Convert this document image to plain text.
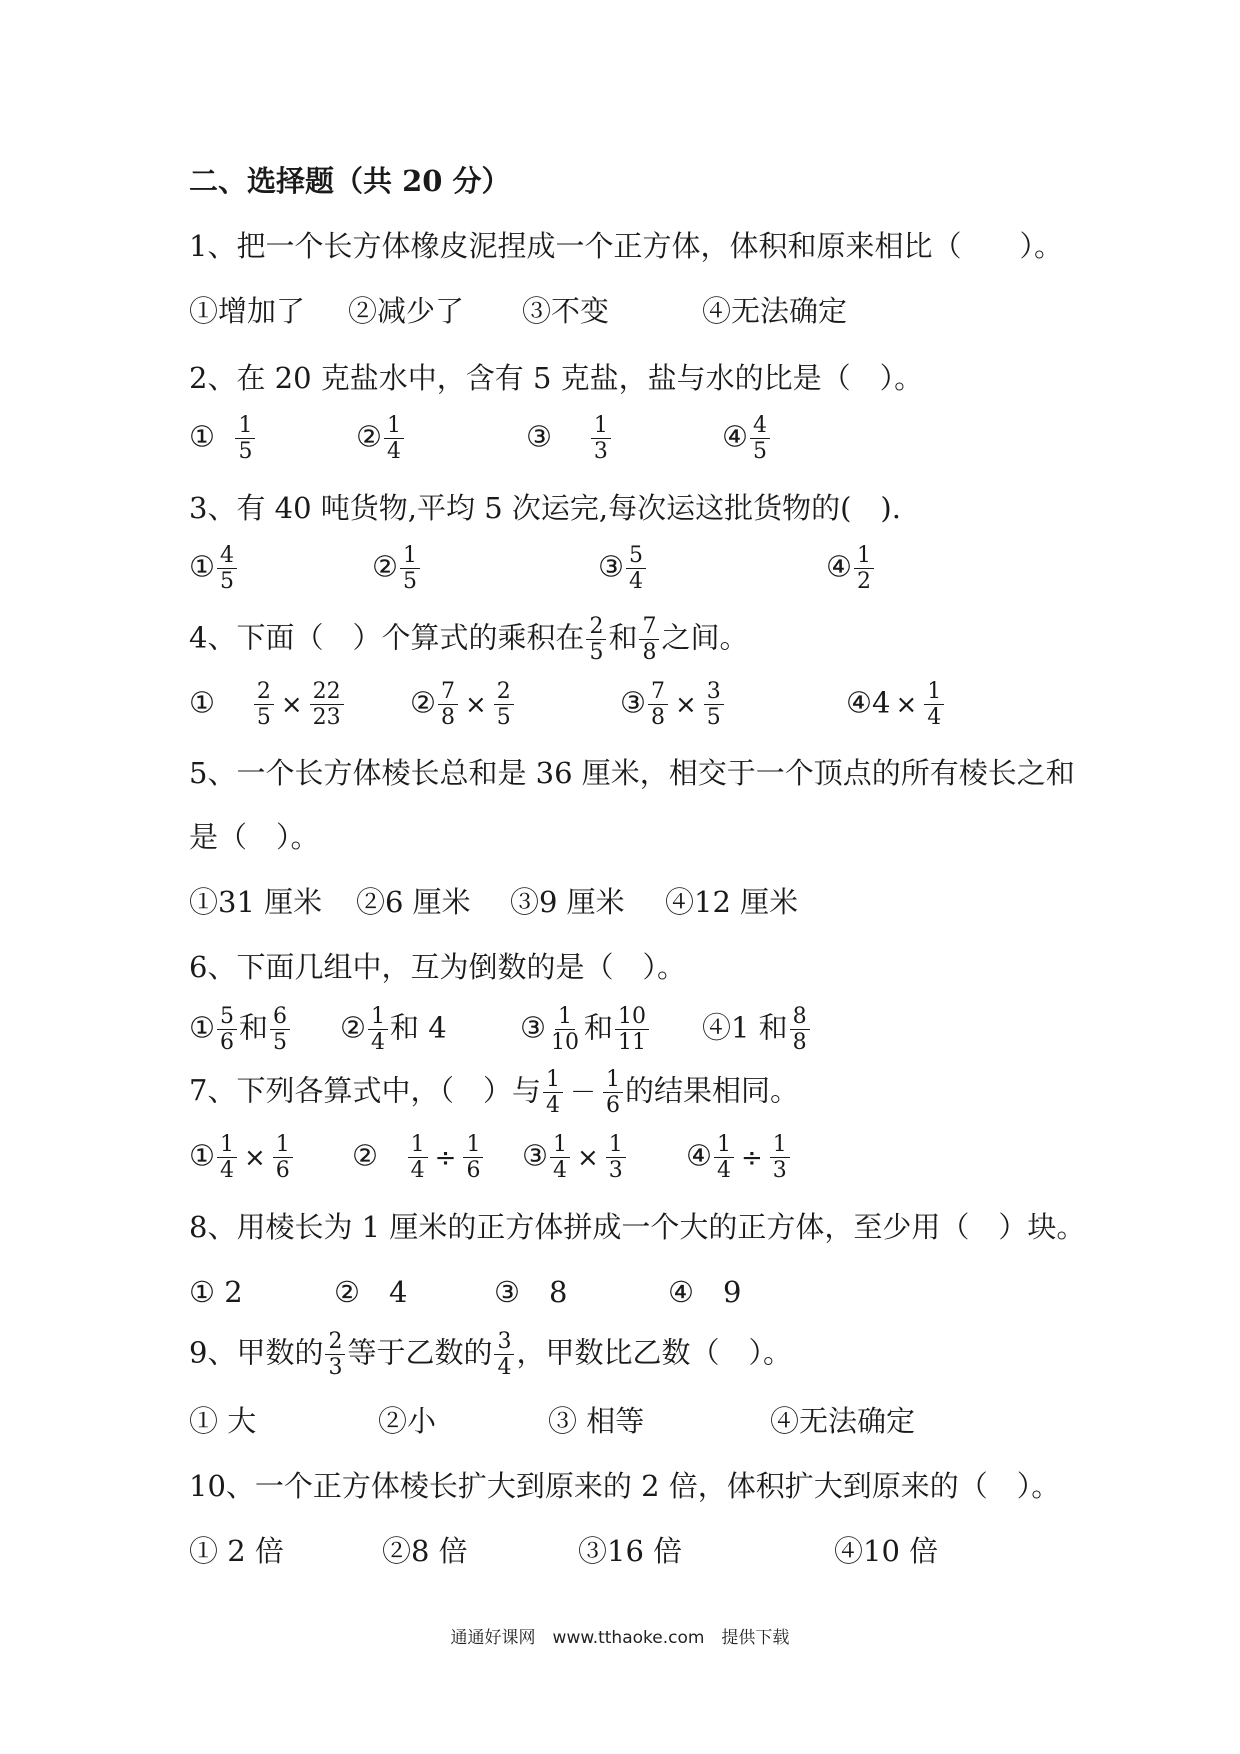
二、选择题（共 20 分）
1、把一个长方体橡皮泥捏成一个正方体，体积和原来相比（　　）。
①增加了 ②减少了 ③不变	④无法确定
2、在 20 克盐水中，含有 5 克盐，盐与水的比是（　）。
① $\frac{1}{5}$	② $\frac{1}{4}$	③ $\frac{1}{3}$	④ $\frac{4}{5}$
3、有 40 吨货物,平均 5 次运完,每次运这批货物的(　).
① $\frac{4}{5}$	② $\frac{1}{5}$	③ $\frac{5}{4}$	④ $\frac{1}{2}$
4、下面（　）个算式的乘积在 $\frac{2}{5}$ 和 $\frac{7}{8}$ 之间。
① $\frac{2}{5} \times \frac{22}{23}$ ② $\frac{7}{8} \times \frac{2}{5}$	③ $\frac{7}{8} \times \frac{3}{5}$	④4 × $\frac{1}{4}$
5、一个长方体棱长总和是 36 厘米，相交于一个顶点的所有棱长之和
是（　）。
①31 厘米 ②6 厘米 ③9 厘米 ④12 厘米
6、下面几组中，互为倒数的是（　）。
① $\frac{5}{6}$ 和 $\frac{6}{5}$ ② $\frac{1}{4}$ 和 4	③ $\frac{1}{10}$ 和 $\frac{10}{11}$ ④1 和 $\frac{8}{8}$
7、下列各算式中，（　）与 $\frac{1}{4} - \frac{1}{6}$ 的结果相同。
① $\frac{1}{4} \times \frac{1}{6}$ ② $\frac{1}{4} \div \frac{1}{6}$ ③ $\frac{1}{4} \times \frac{1}{3}$ ④ $\frac{1}{4} \div \frac{1}{3}$
8、用棱长为 1 厘米的正方体拼成一个大的正方体，至少用（　）块。
① 2	②　4	③　8	④　9
9、甲数的 $\frac{2}{3}$ 等于乙数的 $\frac{3}{4}$ ，甲数比乙数（　）。
① 大	②小	③ 相等	④无法确定
10、一个正方体棱长扩大到原来的 2 倍，体积扩大到原来的（　）。
① 2 倍	②8 倍	③16 倍	④10 倍
通通好课网　www.tthaoke.com　提供下载
